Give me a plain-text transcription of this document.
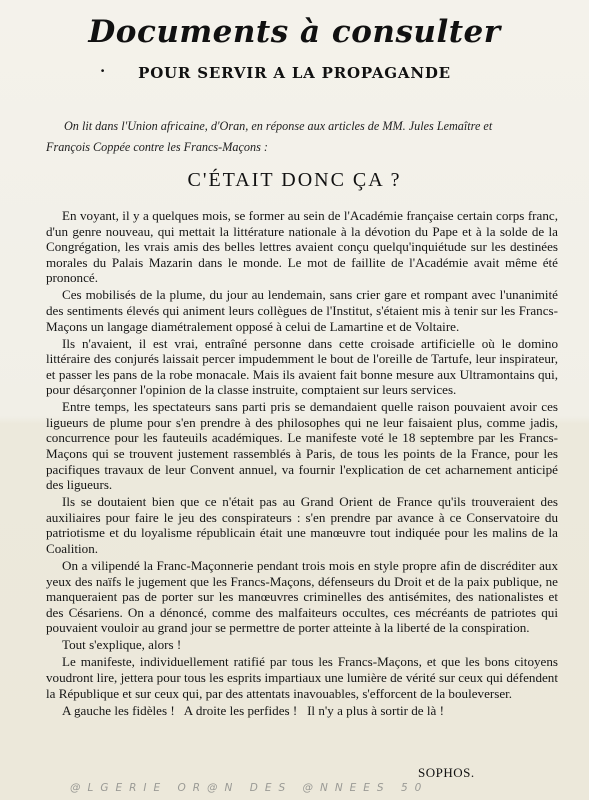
Documents à consulter
· POUR SERVIR A LA PROPAGANDE
On lit dans l'Union africaine, d'Oran, en réponse aux articles de MM. Jules Lemaître et
François Coppée contre les Francs-Maçons :
C'ÉTAIT DONC ÇA ?

En voyant, il y a quelques mois, se former au sein de l'Académie française certain corps franc, d'un genre nouveau, qui mettait la littérature nationale à la dévotion du Pape et à la solde de la Congrégation, les vrais amis des belles lettres avaient conçu quelqu'inquiétude sur les destinées morales du Palais Mazarin dans le monde. Le mot de faillite de l'Académie avait même été prononcé.

Ces mobilisés de la plume, du jour au lendemain, sans crier gare et rompant avec l'unanimité des sentiments élevés qui animent leurs collègues de l'Institut, s'étaient mis à tenir sur les Francs-Maçons un langage diamétralement opposé à celui de Lamartine et de Voltaire.

Ils n'avaient, il est vrai, entraîné personne dans cette croisade artificielle où le domino littéraire des conjurés laissait percer impudemment le bout de l'oreille de Tartufe, leur inspirateur, et passer les pans de la robe monacale. Mais ils avaient fait bonne mesure aux Ultramontains qui, pour désarçonner l'opinion de la classe instruite, comptaient sur leurs services.

Entre temps, les spectateurs sans parti pris se demandaient quelle raison pouvaient avoir ces ligueurs de plume pour s'en prendre à des philosophes qui ne leur faisaient plus, comme jadis, concurrence pour les fauteuils académiques. Le manifeste voté le 18 septembre par les Francs-Maçons qui se trouvent justement rassemblés à Paris, de tous les points de la France, pour les pacifiques travaux de leur Convent annuel, va fournir l'explication de cet acharnement anticipé des ligueurs.

Ils se doutaient bien que ce n'était pas au Grand Orient de France qu'ils trouveraient des auxiliaires pour faire le jeu des conspirateurs : s'en prendre par avance à ce Conservatoire du patriotisme et du loyalisme républicain était une manœuvre tout indiquée pour les malins de la Coalition.

On a vilipendé la Franc-Maçonnerie pendant trois mois en style propre afin de discréditer aux yeux des naïfs le jugement que les Francs-Maçons, défenseurs du Droit et de la paix publique, ne manqueraient pas de porter sur les manœuvres criminelles des antisémites, des nationalistes et des Césariens. On a dénoncé, comme des malfaiteurs occultes, ces mécréants de patriotes qui pouvaient vouloir au grand jour se permettre de porter atteinte à la liberté de la conspiration.

Tout s'explique, alors !

Le manifeste, individuellement ratifié par tous les Francs-Maçons, et que les bons citoyens voudront lire, jettera pour tous les esprits impartiaux une lumière de vérité sur ceux qui défendent la République et sur ceux qui, par des attentats inavouables, s'efforcent de la bouleverser.

A gauche les fidèles !   A droite les perfides !   Il n'y a plus à sortir de là !

SOPHOS.
@LGERIE OR@N DES @NNEES 50
